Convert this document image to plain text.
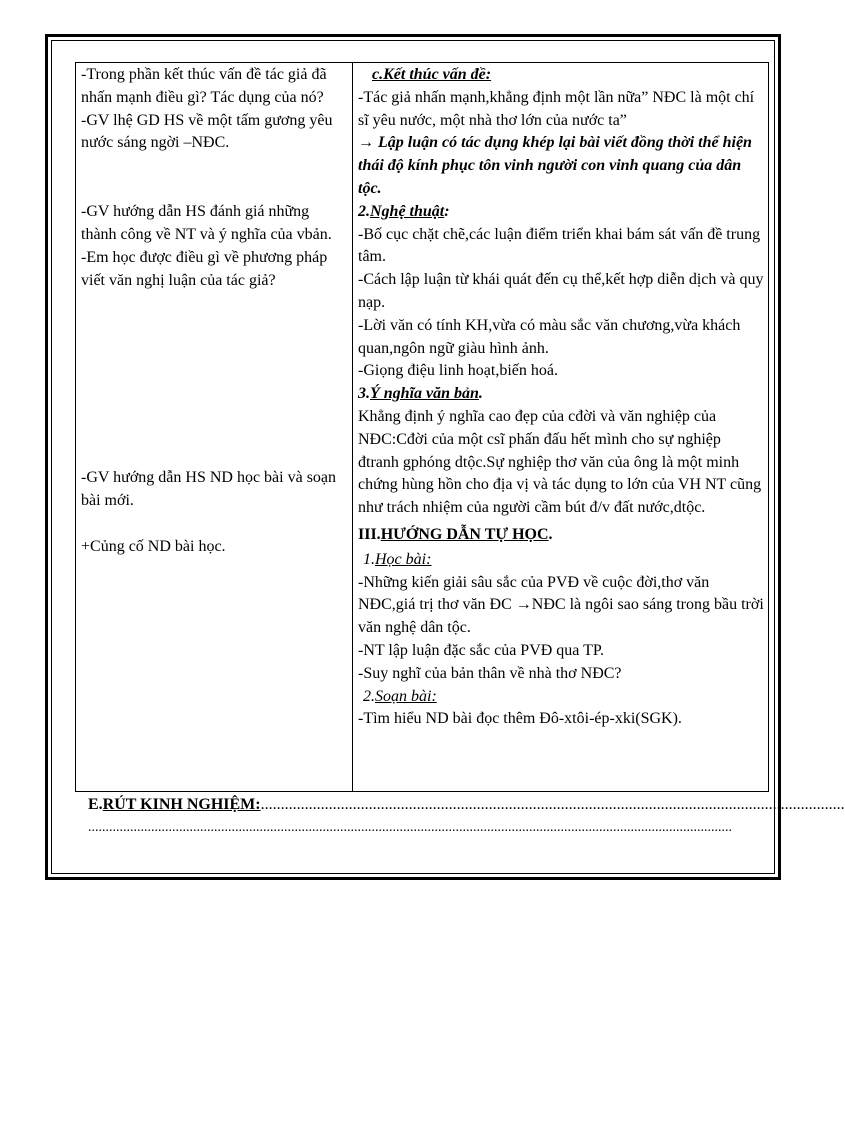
-Trong phần kết thúc vấn đề tác giả đã nhấn mạnh điều gì? Tác dụng của nó?

-GV lhệ GD HS về một tấm gương yêu nước sáng ngời –NĐC.

-GV hướng dẫn HS đánh giá những thành công về NT và ý nghĩa của vbản.

-Em học được điều gì về phương pháp viết văn nghị luận của tác giả?

-GV hướng dẫn HS ND học bài và soạn bài mới.

+Củng cố ND bài học.

c.Kết thúc vấn đề:

-Tác giả nhấn mạnh,khẳng định một lần nữa” NĐC là một chí sĩ yêu nước, một nhà thơ lớn của nước ta”

→ Lập luận có tác dụng khép lại bài viết đồng thời thể hiện thái độ kính phục tôn vinh người con vinh quang của dân tộc.

2.Nghệ thuật:

-Bố cục chặt chẽ,các luận điểm triển khai bám sát vấn đề trung tâm.

-Cách lập luận từ khái quát đến cụ thể,kết hợp diễn dịch và quy nạp.

-Lời văn có tính KH,vừa có màu sắc văn chương,vừa khách quan,ngôn ngữ giàu hình ảnh.

-Giọng điệu linh hoạt,biến hoá.

3.Ý nghĩa văn bản.

Khẳng định ý nghĩa cao đẹp của cđời và văn nghiệp của NĐC:Cđời của một csĩ phấn đấu hết mình cho sự nghiệp đtranh gphóng dtộc.Sự nghiệp thơ văn của ông là một minh chứng hùng hồn cho địa vị và tác dụng to lớn của VH NT cũng như trách nhiệm của người cầm bút đ/v đất nước,dtộc.

III.HƯỚNG DẪN TỰ HỌC.

1.Học bài:

-Những kiến giải sâu sắc của PVĐ về cuộc đời,thơ văn NĐC,giá trị thơ văn ĐC →NĐC là ngôi sao sáng trong bầu trời văn nghệ dân tộc.

-NT lập luận đặc sắc của PVĐ qua TP.

-Suy nghĩ của bản thân về nhà thơ NĐC?

2.Soạn bài:

-Tìm hiểu ND bài đọc thêm Đô-xtôi-ép-xki(SGK).

E.RÚT KINH NGHIỆM:..................................................................................................................................................
........................................................................................................................................................................................
